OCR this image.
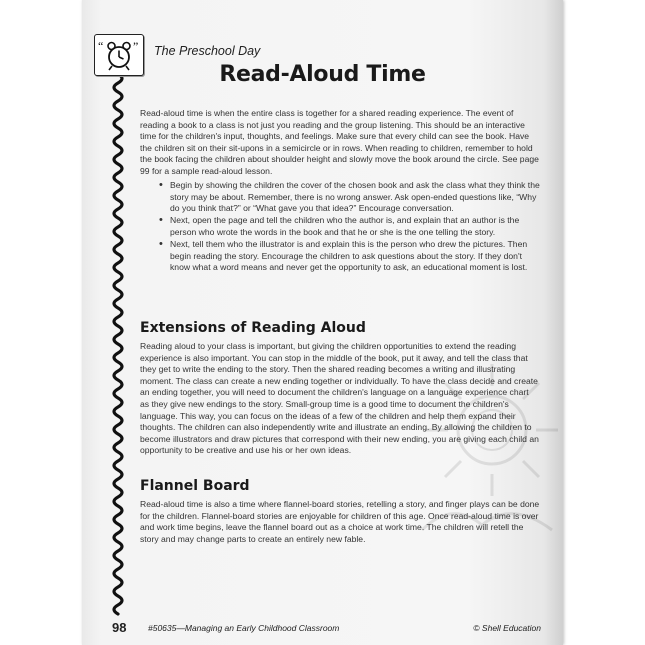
“ ” The Preschool Day
Read-Aloud Time

Read-aloud time is when the entire class is together for a shared reading experience. The event of reading a book to a class is not just you reading and the group listening. This should be an interactive time for the children's input, thoughts, and feelings. Make sure that every child can see the book. Have the children sit on their sit-upons in a semicircle or in rows. When reading to children, remember to hold the book facing the children about shoulder height and slowly move the book around the circle. See page 99 for a sample read-aloud lesson.

• Begin by showing the children the cover of the chosen book and ask the class what they think the story may be about. Remember, there is no wrong answer. Ask open-ended questions like, “Why do you think that?” or “What gave you that idea?” Encourage conversation.
• Next, open the page and tell the children who the author is, and explain that an author is the person who wrote the words in the book and that he or she is the one telling the story.
• Next, tell them who the illustrator is and explain this is the person who drew the pictures. Then begin reading the story. Encourage the children to ask questions about the story. If they don't know what a word means and never get the opportunity to ask, an educational moment is lost.
Extensions of Reading Aloud

Reading aloud to your class is important, but giving the children opportunities to extend the reading experience is also important. You can stop in the middle of the book, put it away, and tell the class that they get to write the ending to the story. Then the shared reading becomes a writing and illustrating moment. The class can create a new ending together or individually. To have the class decide and create an ending together, you will need to document the children's language on a language experience chart as they give new endings to the story. Small-group time is a good time to document the children's language. This way, you can focus on the ideas of a few of the children and help them expand their thoughts. The children can also independently write and illustrate an ending. By allowing the children to become illustrators and draw pictures that correspond with their new ending, you are giving each child an opportunity to be creative and use his or her own ideas.

Flannel Board

Read-aloud time is also a time where flannel-board stories, retelling a story, and finger plays can be done for the children. Flannel-board stories are enjoyable for children of this age. Once read-aloud time is over and work time begins, leave the flannel board out as a choice at work time. The children will retell the story and may change parts to create an entirely new fable.

98	#50635—Managing an Early Childhood Classroom	© Shell Education
